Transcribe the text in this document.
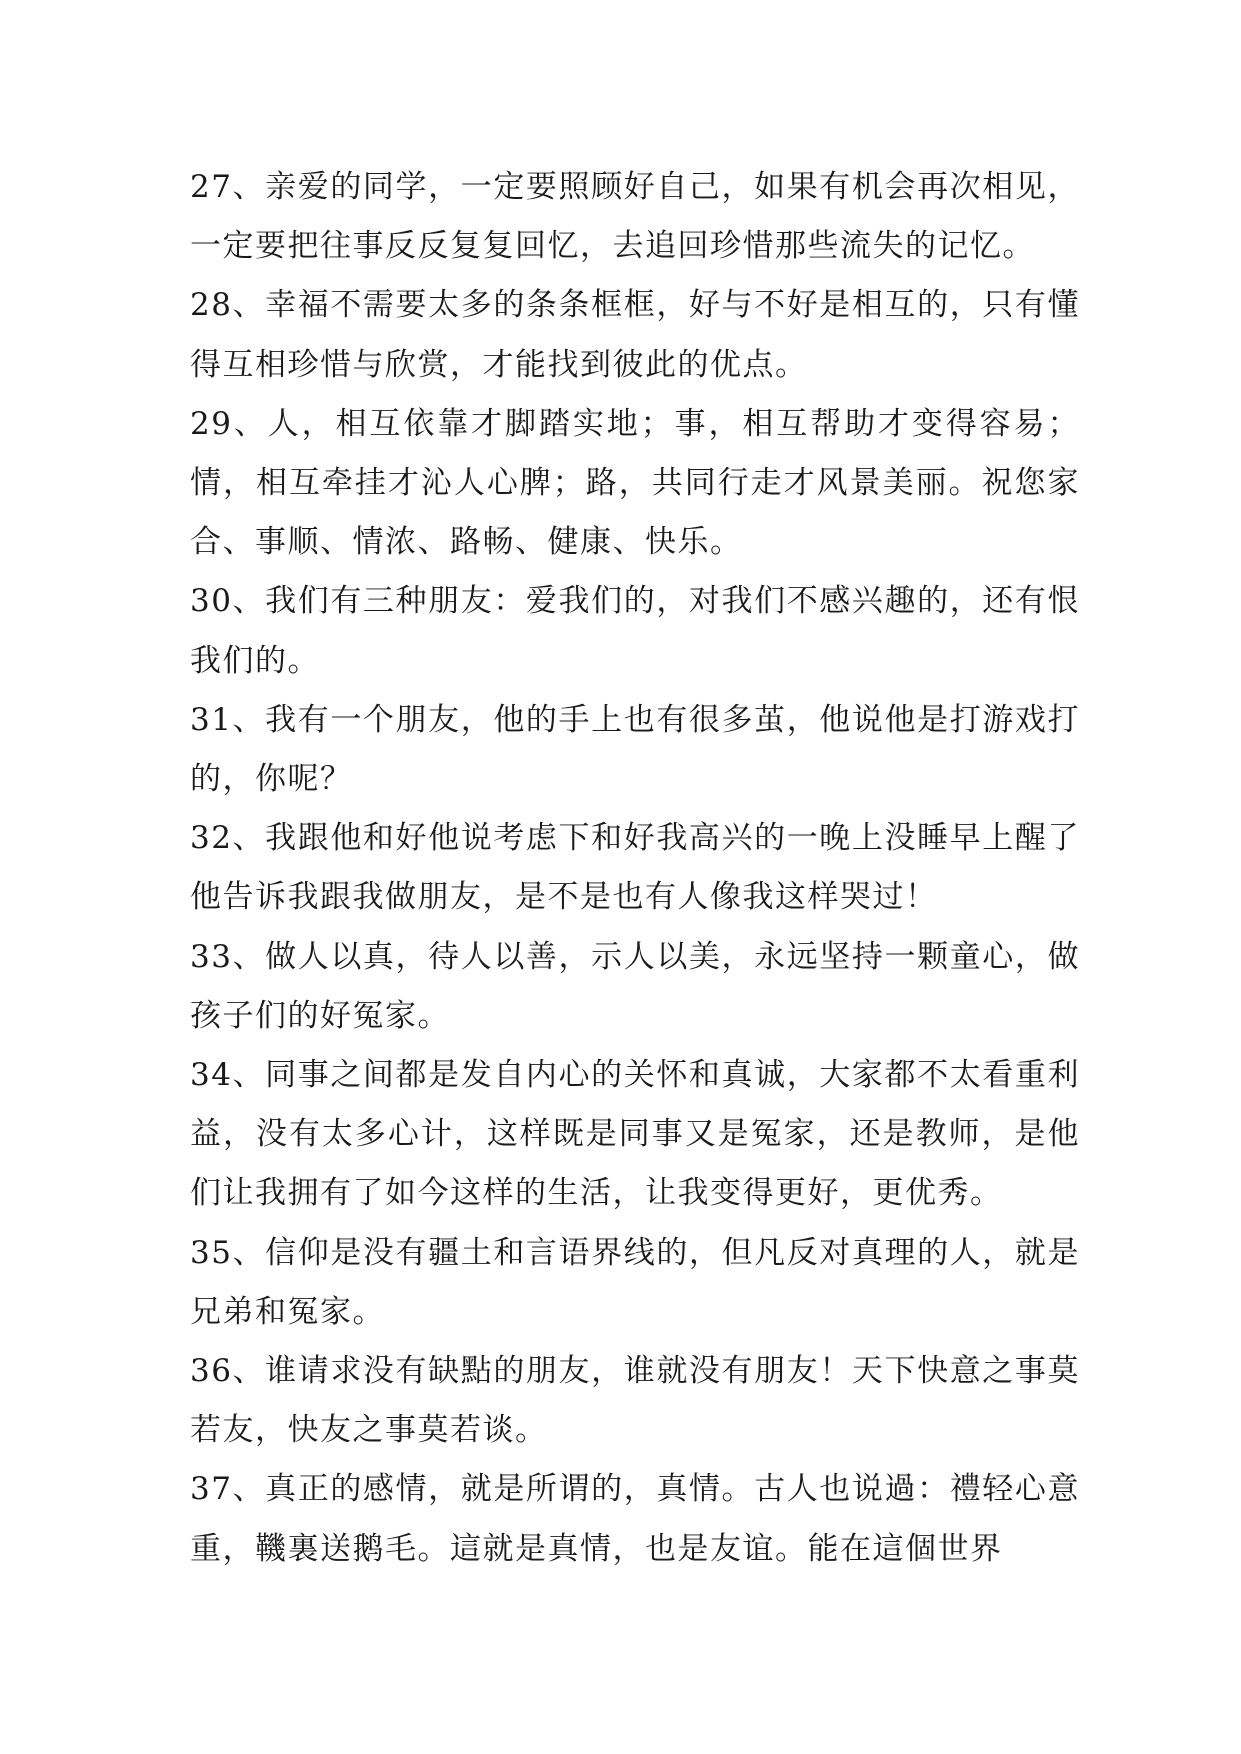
27、亲爱的同学，一定要照顾好自己，如果有机会再次相见，一定要把往事反反复复回忆，去追回珍惜那些流失的记忆。

28、幸福不需要太多的条条框框，好与不好是相互的，只有懂得互相珍惜与欣赏，才能找到彼此的优点。

29、人，相互依靠才脚踏实地；事，相互帮助才变得容易；情，相互牵挂才沁人心脾；路，共同行走才风景美丽。祝您家合、事顺、情浓、路畅、健康、快乐。

30、我们有三种朋友：爱我们的，对我们不感兴趣的，还有恨我们的。

31、我有一个朋友，他的手上也有很多茧，他说他是打游戏打的，你呢？

32、我跟他和好他说考虑下和好我高兴的一晚上没睡早上醒了他告诉我跟我做朋友，是不是也有人像我这样哭过！

33、做人以真，待人以善，示人以美，永远坚持一颗童心，做孩子们的好冤家。

34、同事之间都是发自内心的关怀和真诚，大家都不太看重利益，没有太多心计，这样既是同事又是冤家，还是教师，是他们让我拥有了如今这样的生活，让我变得更好，更优秀。

35、信仰是没有疆土和言语界线的，但凡反对真理的人，就是兄弟和冤家。

36、谁请求没有缺點的朋友，谁就没有朋友！天下快意之事莫若友，快友之事莫若谈。

37、真正的感情，就是所谓的，真情。古人也说過：禮轻心意重，鞿裏送鹅毛。這就是真情，也是友谊。能在這個世界
